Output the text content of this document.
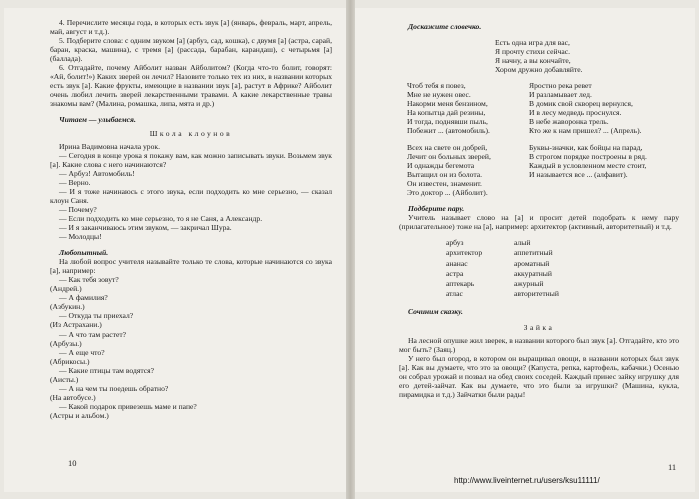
4. Перечислите месяцы года, в которых есть звук [а] (январь, февраль, март, апрель, май, август и т.д.).

5. Подберите слова: с одним звуком [а] (арбуз, сад, кошка), с двумя [а] (астра, сарай, баран, краска, машина), с тремя [а] (рассада, барабан, карандаш), с четырьмя [а] (баллада).

6. Отгадайте, почему Айболит назван Айболитом? (Когда что-то болит, говорят: «Ай, болит!») Каких зверей он лечил? Назовите только тех из них, в названии которых есть звук [а]. Какие фрукты, имеющие в названии звук [а], растут в Африке? Айболит очень любил лечить зверей лекарственными травами. А какие лекарственные травы знакомы вам? (Малина, ромашка, липа, мята и др.)

Читаем — улыбаемся.

Школа клоунов

Ирина Вадимовна начала урок.

— Сегодня в конце урока я покажу вам, как можно записывать звуки. Возьмем звук [а]. Какие слова с него начинаются?

— Арбуз! Автомобиль!

— Верно.

— И я тоже начинаюсь с этого звука, если подходить ко мне серьезно, — сказал клоун Саня.

— Почему?

— Если подходить ко мне серьезно, то я не Саня, а Александр.

— И я заканчиваюсь этим звуком, — закричал Шура.

— Молодцы!

Любопытный.

На любой вопрос учителя называйте только те слова, которые начинаются со звука [а], например:

— Как тебя зовут?

(Андрей.)

— А фамилия?

(Азбукин.)

— Откуда ты приехал?

(Из Астрахани.)

— А что там растет?

(Арбузы.)

— А еще что?

(Абрикосы.)

— Какие птицы там водятся?

(Аисты.)

— А на чем ты поедешь обратно?

(На автобусе.)

— Какой подарок привезешь маме и папе?

(Астры и альбом.)

Доскажите словечко.

Есть одна игра для вас,

Я прочту стихи сейчас.

Я начну, а вы кончайте,

Хором дружно добавляйте.

Чтоб тебя я повез,

Мне не нужен овес.

Накорми меня бензином,

На копытца дай резины,

И тогда, поднявши пыль,

Побежит ... (автомобиль).

Яростно река ревет

И разламывает лед.

В домик свой скворец вернулся,

И в лесу медведь проснулся.

В небе жаворонка трель.

Кто же к нам пришел? ... (Апрель).

Всех на свете он добрей,

Лечит он больных зверей,

И однажды бегемота

Вытащил он из болота.

Он известен, знаменит.

Это доктор ... (Айболит).

Буквы-значки, как бойцы на парад,

В строгом порядке построены в ряд.

Каждый в условленном месте стоит,

И называется все ... (алфавит).

Подберите пару.

Учитель называет слово на [а] и просит детей подобрать к нему пару (прилагательное) тоже на [а], например: архитектор (активный, авторитетный) и т.д.

арбуз	алый
архитектор	аппетитный
ананас	ароматный
астра	аккуратный
аптекарь	ажурный
атлас	авторитетный

Сочиним сказку.

Зайка

На лесной опушке жил зверек, в названии которого был звук [а]. Отгадайте, кто это мог быть? (Заяц.)

У него был огород, в котором он выращивал овощи, в названии которых был звук [а]. Как вы думаете, что это за овощи? (Капуста, репка, картофель, кабачки.) Осенью он собрал урожай и позвал на обед своих соседей. Каждый принес зайку игрушку для его детей-зайчат. Как вы думаете, что это были за игрушки? (Машина, кукла, пирамидка и т.д.) Зайчатки были рады!

10	11
http://www.liveinternet.ru/users/ksu11111/
